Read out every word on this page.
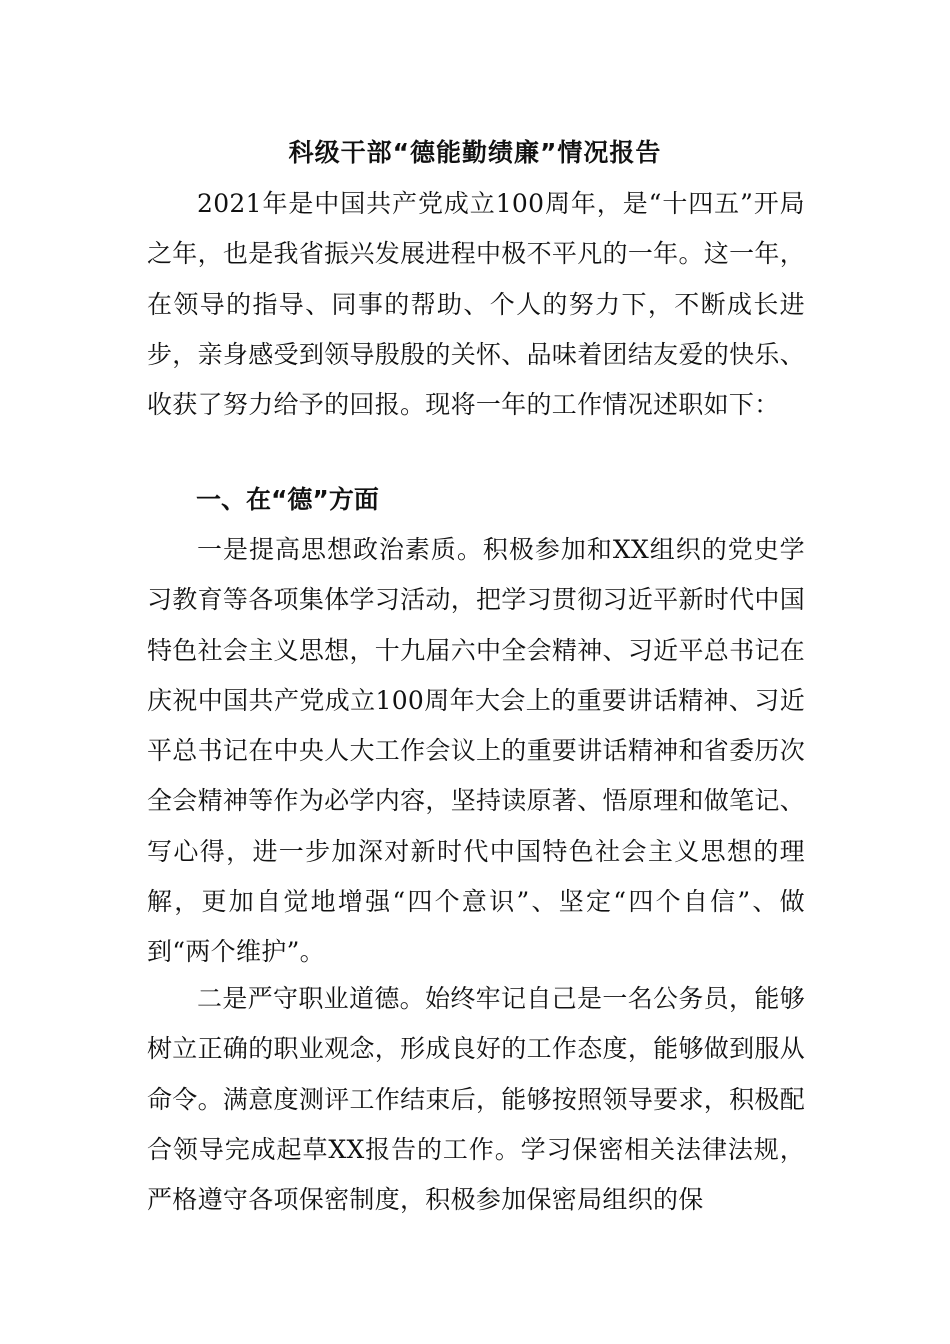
科级干部“德能勤绩廉”情况报告

2021年是中国共产党成立100周年，是“十四五”开局之年，也是我省振兴发展进程中极不平凡的一年。这一年，在领导的指导、同事的帮助、个人的努力下，不断成长进步，亲身感受到领导殷殷的关怀、品味着团结友爱的快乐、收获了努力给予的回报。现将一年的工作情况述职如下：

一、在“德”方面

一是提高思想政治素质。积极参加和XX组织的党史学习教育等各项集体学习活动，把学习贯彻习近平新时代中国特色社会主义思想，十九届六中全会精神、习近平总书记在庆祝中国共产党成立100周年大会上的重要讲话精神、习近平总书记在中央人大工作会议上的重要讲话精神和省委历次全会精神等作为必学内容，坚持读原著、悟原理和做笔记、写心得，进一步加深对新时代中国特色社会主义思想的理解，更加自觉地增强“四个意识”、坚定“四个自信”、做到“两个维护”。

二是严守职业道德。始终牢记自己是一名公务员，能够树立正确的职业观念，形成良好的工作态度，能够做到服从命令。满意度测评工作结束后，能够按照领导要求，积极配合领导完成起草XX报告的工作。学习保密相关法律法规，严格遵守各项保密制度，积极参加保密局组织的保
